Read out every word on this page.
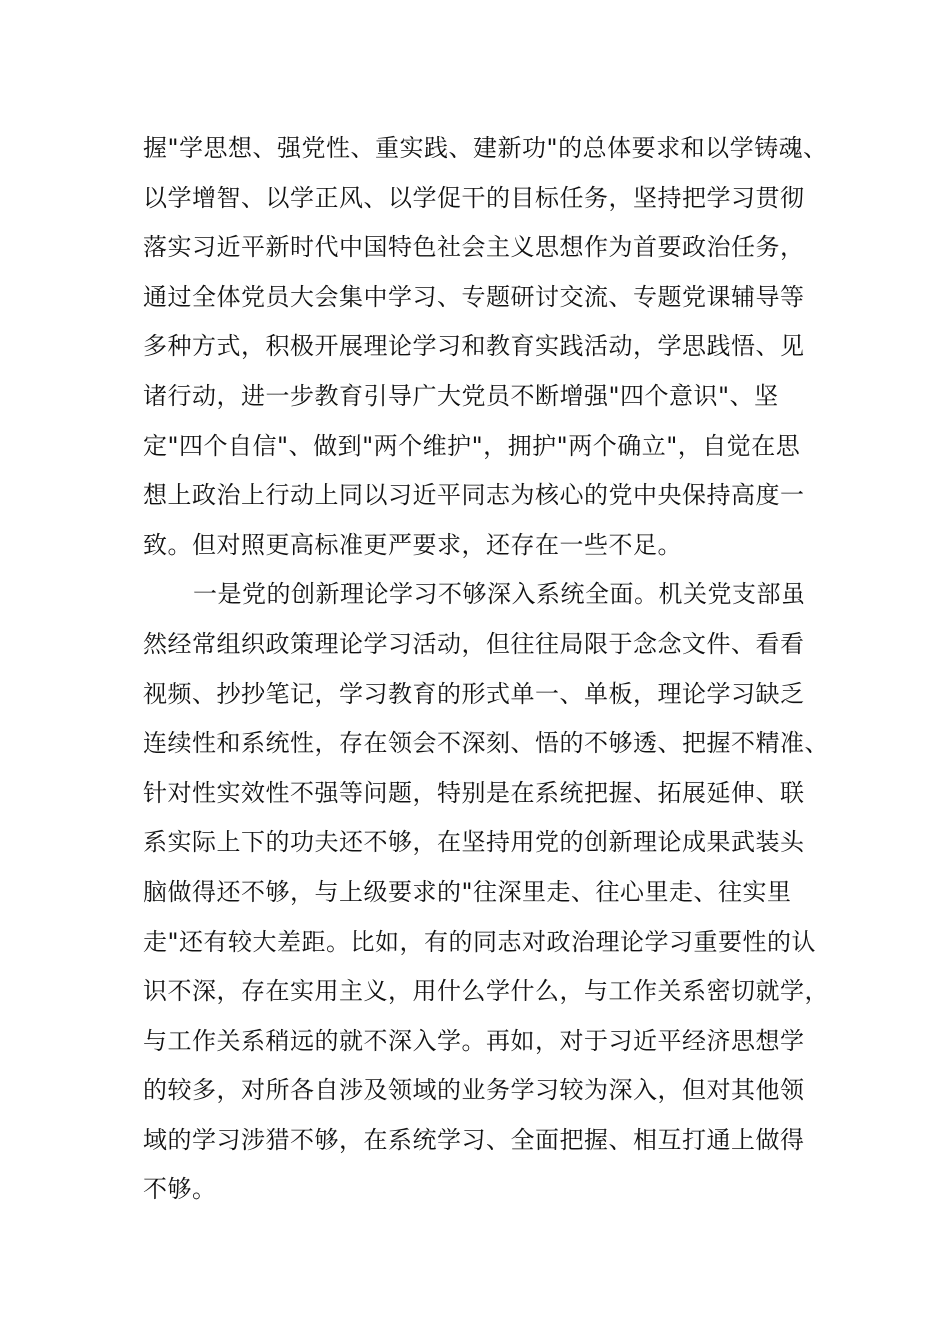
握"学思想、强党性、重实践、建新功"的总体要求和以学铸魂、
以学增智、以学正风、以学促干的目标任务，坚持把学习贯彻
落实习近平新时代中国特色社会主义思想作为首要政治任务，
通过全体党员大会集中学习、专题研讨交流、专题党课辅导等
多种方式，积极开展理论学习和教育实践活动，学思践悟、见
诸行动，进一步教育引导广大党员不断增强"四个意识"、坚
定"四个自信"、做到"两个维护"，拥护"两个确立"，自觉在思
想上政治上行动上同以习近平同志为核心的党中央保持高度一
致。但对照更高标准更严要求，还存在一些不足。
一是党的创新理论学习不够深入系统全面。机关党支部虽
然经常组织政策理论学习活动，但往往局限于念念文件、看看
视频、抄抄笔记，学习教育的形式单一、单板，理论学习缺乏
连续性和系统性，存在领会不深刻、悟的不够透、把握不精准、
针对性实效性不强等问题，特别是在系统把握、拓展延伸、联
系实际上下的功夫还不够，在坚持用党的创新理论成果武装头
脑做得还不够，与上级要求的"往深里走、往心里走、往实里
走"还有较大差距。比如，有的同志对政治理论学习重要性的认
识不深，存在实用主义，用什么学什么，与工作关系密切就学，
与工作关系稍远的就不深入学。再如，对于习近平经济思想学
的较多，对所各自涉及领域的业务学习较为深入，但对其他领
域的学习涉猎不够，在系统学习、全面把握、相互打通上做得
不够。
